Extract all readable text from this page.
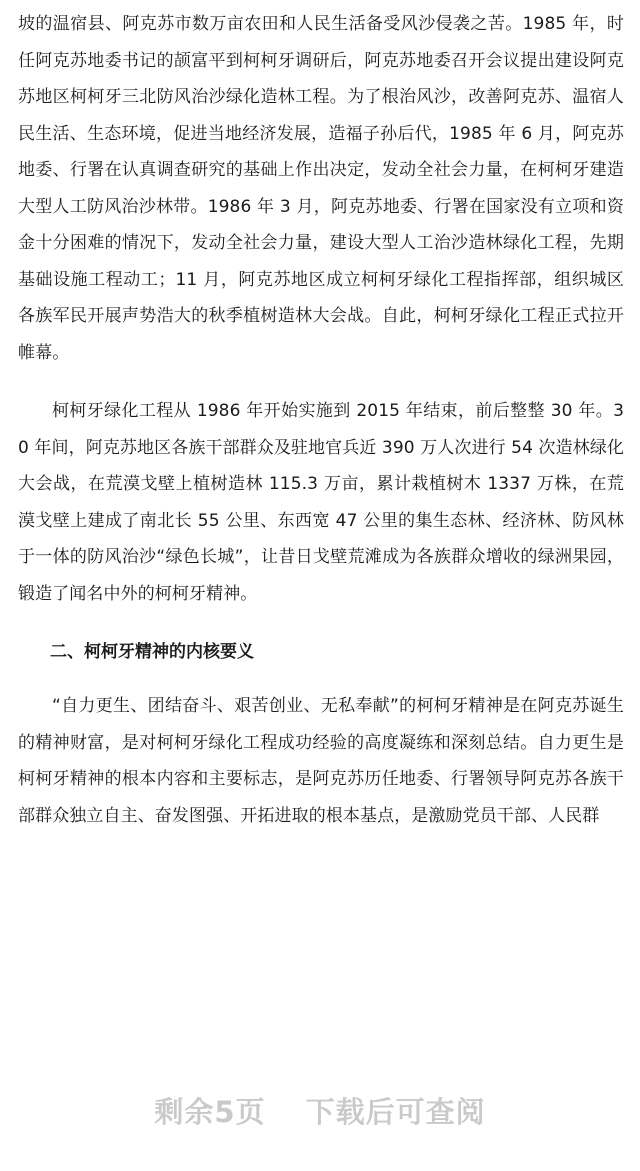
坡的温宿县、阿克苏市数万亩农田和人民生活备受风沙侵袭之苦。1985 年，时任阿克苏地委书记的颉富平到柯柯牙调研后，阿克苏地委召开会议提出建设阿克苏地区柯柯牙三北防风治沙绿化造林工程。为了根治风沙，改善阿克苏、温宿人民生活、生态环境，促进当地经济发展，造福子孙后代，1985 年 6 月，阿克苏地委、行署在认真调查研究的基础上作出决定，发动全社会力量，在柯柯牙建造大型人工防风治沙林带。1986 年 3 月，阿克苏地委、行署在国家没有立项和资金十分困难的情况下，发动全社会力量，建设大型人工治沙造林绿化工程，先期基础设施工程动工；11 月，阿克苏地区成立柯柯牙绿化工程指挥部，组织城区各族军民开展声势浩大的秋季植树造林大会战。自此，柯柯牙绿化工程正式拉开帷幕。

柯柯牙绿化工程从 1986 年开始实施到 2015 年结束，前后整整 30 年。30 年间，阿克苏地区各族干部群众及驻地官兵近 390 万人次进行 54 次造林绿化大会战，在荒漠戈壁上植树造林 115.3 万亩，累计栽植树木 1337 万株，在荒漠戈壁上建成了南北长 55 公里、东西宽 47 公里的集生态林、经济林、防风林于一体的防风治沙“绿色长城”，让昔日戈壁荒滩成为各族群众增收的绿洲果园，锻造了闻名中外的柯柯牙精神。

二、柯柯牙精神的内核要义

“自力更生、团结奋斗、艰苦创业、无私奉献”的柯柯牙精神是在阿克苏诞生的精神财富，是对柯柯牙绿化工程成功经验的高度凝练和深刻总结。自力更生是柯柯牙精神的根本内容和主要标志，是阿克苏历任地委、行署领导阿克苏各族干部群众独立自主、奋发图强、开拓进取的根本基点，是激励党员干部、人民群

剩余5页 下载后可查阅
